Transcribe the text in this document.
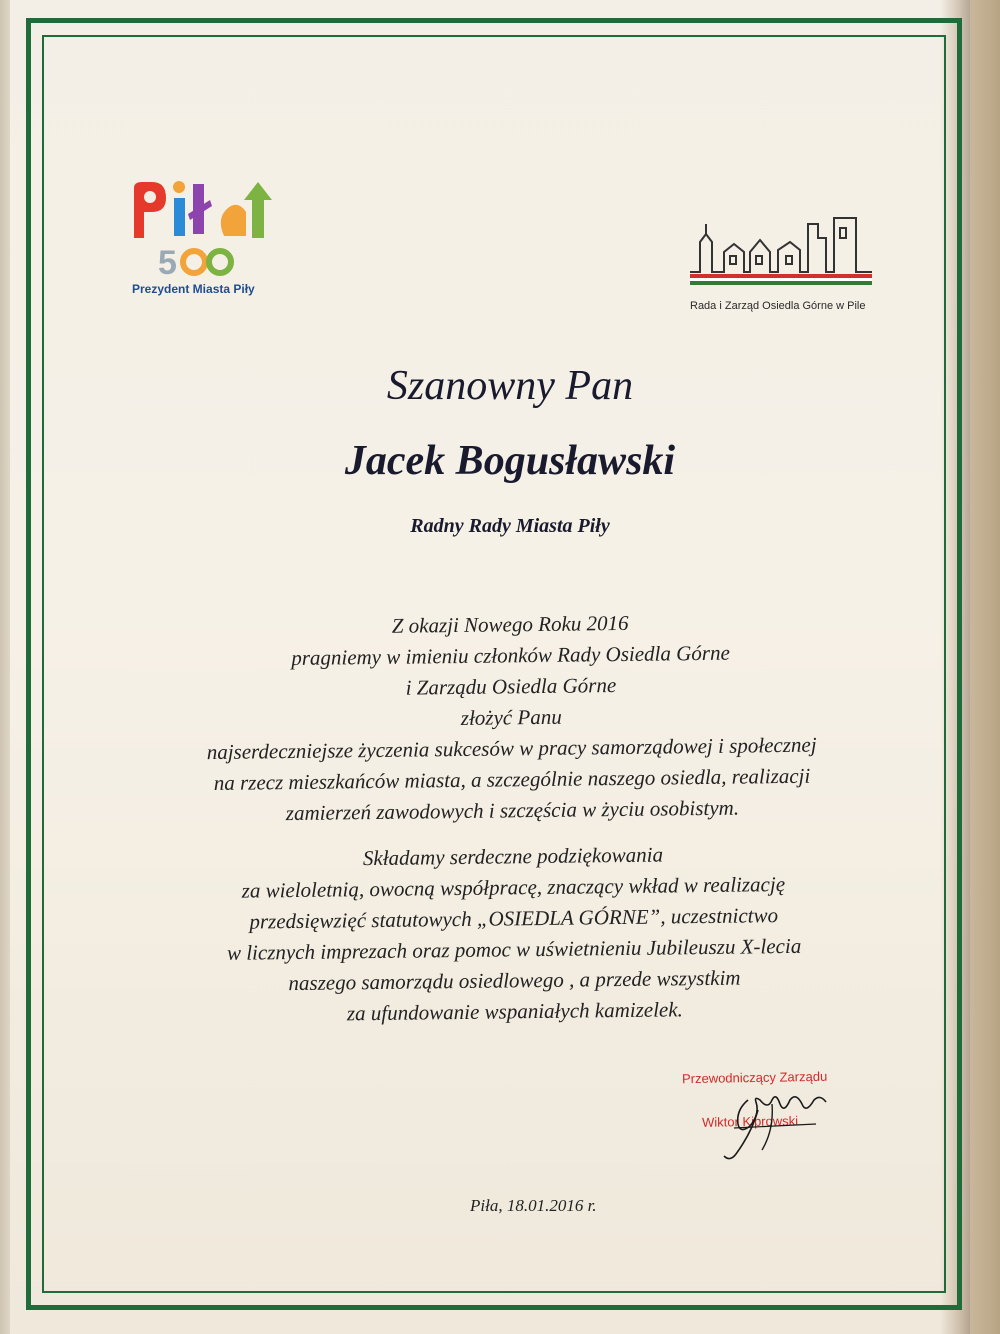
5
Prezydent Miasta Piły
Rada i Zarząd Osiedla Górne w Pile
Szanowny Pan
Jacek Bogusławski
Radny Rady Miasta Piły
Z okazji Nowego Roku 2016
pragniemy w imieniu członków Rady Osiedla Górne
i Zarządu Osiedla Górne
złożyć Panu
najserdeczniejsze życzenia sukcesów w pracy samorządowej i społecznej
na rzecz mieszkańców miasta, a szczególnie naszego osiedla, realizacji
zamierzeń zawodowych i szczęścia w życiu osobistym.
Składamy serdeczne podziękowania
za wieloletnią, owocną współpracę, znaczący wkład w realizację
przedsięwzięć statutowych „OSIEDLA GÓRNE”, uczestnictwo
w licznych imprezach oraz pomoc w uświetnieniu Jubileuszu X-lecia
naszego samorządu osiedlowego , a przede wszystkim
za ufundowanie wspaniałych kamizelek.
Przewodniczący Zarządu
Wiktor Kiprowski
Piła, 18.01.2016 r.
